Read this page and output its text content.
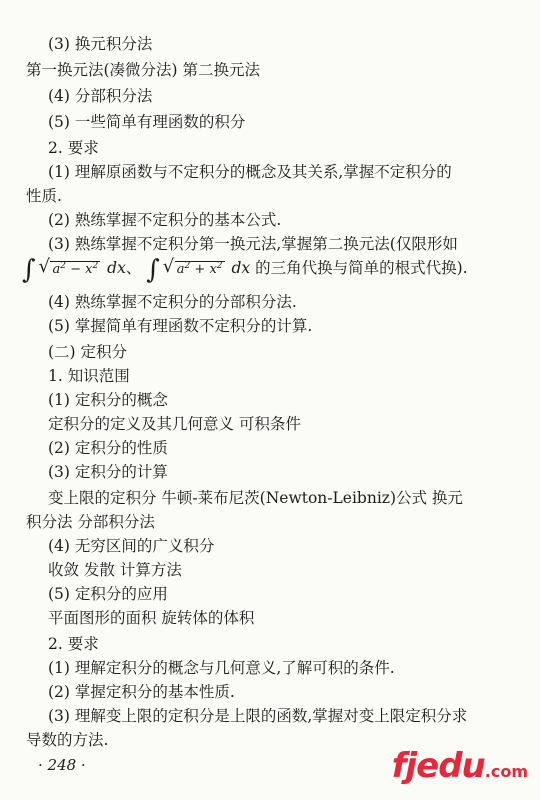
(3) 换元积分法
第一换元法(凑微分法) 第二换元法
(4) 分部积分法
(5) 一些简单有理函数的积分
2. 要求
(1) 理解原函数与不定积分的概念及其关系,掌握不定积分的
性质.
(2) 熟练掌握不定积分的基本公式.
(3) 熟练掌握不定积分第一换元法,掌握第二换元法(仅限形如
∫ √ $a^2 - x^2$ dx、 ∫ √ $a^2 + x^2$ dx 的三角代换与简单的根式代换).
(4) 熟练掌握不定积分的分部积分法.
(5) 掌握简单有理函数不定积分的计算.
(二) 定积分
1. 知识范围
(1) 定积分的概念
定积分的定义及其几何意义 可积条件
(2) 定积分的性质
(3) 定积分的计算
变上限的定积分 牛顿-莱布尼茨(Newton-Leibniz)公式 换元
积分法 分部积分法
(4) 无穷区间的广义积分
收敛 发散 计算方法
(5) 定积分的应用
平面图形的面积 旋转体的体积
2. 要求
(1) 理解定积分的概念与几何意义,了解可积的条件.
(2) 掌握定积分的基本性质.
(3) 理解变上限的定积分是上限的函数,掌握对变上限定积分求
导数的方法.
· 248 ·	fjedu.com
